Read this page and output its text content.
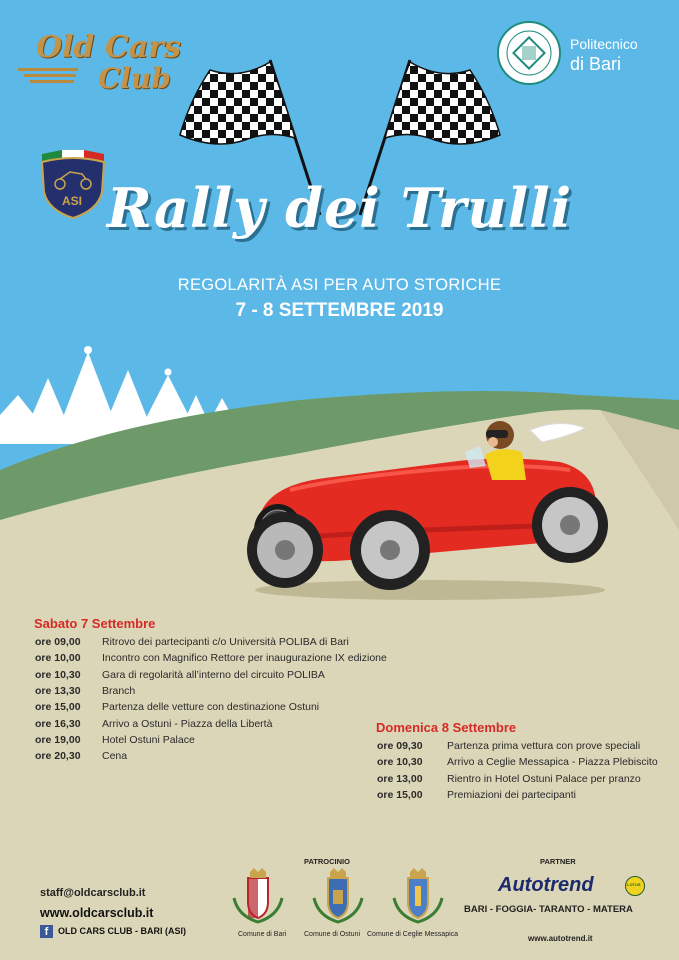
Old Cars
Club
ASI
Politecnico
di Bari
Rally dei Trulli
REGOLARITÀ ASI PER AUTO STORICHE
7 - 8 SETTEMBRE 2019
Sabato 7 Settembre
ore 09,00 Ritrovo dei partecipanti c/o Università POLIBA di Bari
ore 10,00 Incontro con Magnifico Rettore per inaugurazione IX edizione
ore 10,30 Gara di regolarità all’interno del circuito POLIBA
ore 13,30 Branch
ore 15,00 Partenza delle vetture con destinazione Ostuni
ore 16,30 Arrivo a Ostuni - Piazza della Libertà
ore 19,00 Hotel Ostuni Palace
ore 20,30 Cena
Domenica 8 Settembre
ore 09,30 Partenza prima vettura con prove speciali
ore 10,30 Arrivo a Ceglie Messapica - Piazza Plebiscito
ore 13,00 Rientro in Hotel Ostuni Palace per pranzo
ore 15,00 Premiazioni dei partecipanti
staff@oldcarsclub.it
www.oldcarsclub.it
f	OLD CARS CLUB - BARI (ASI)
PATROCINIO
Comune di Bari	Comune di Ostuni Comune di Ceglie Messapica
PARTNER
Autotrend	LOTUS
BARI - FOGGIA- TARANTO - MATERA
www.autotrend.it
